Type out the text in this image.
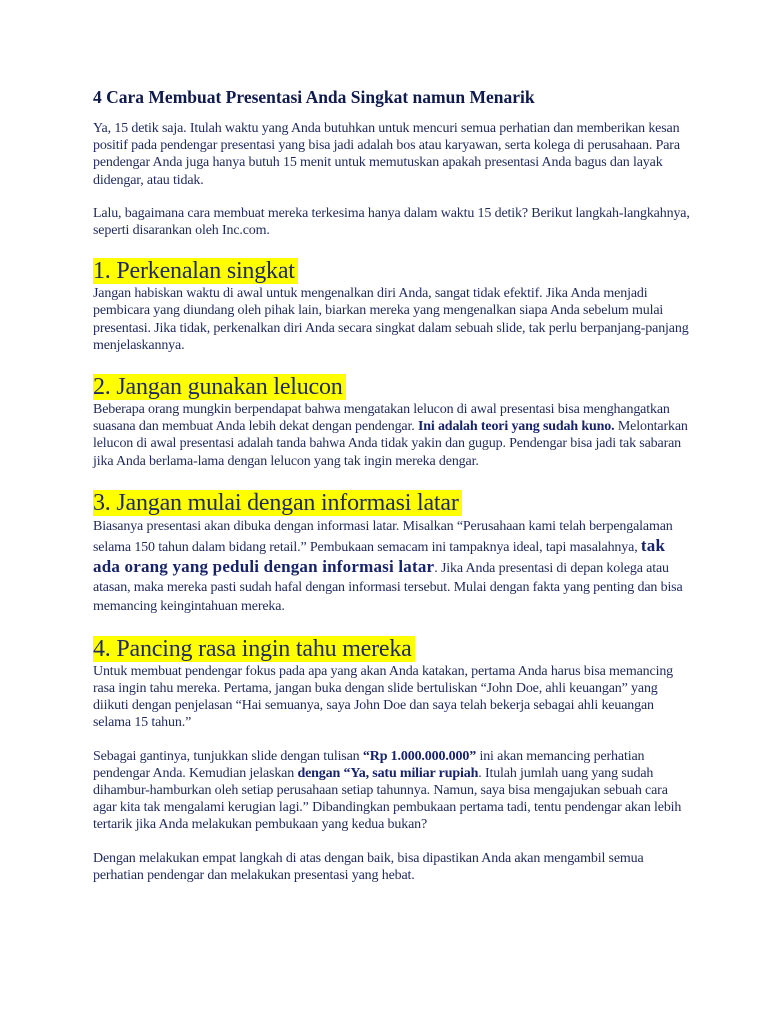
4 Cara Membuat Presentasi Anda Singkat namun Menarik

Ya, 15 detik saja. Itulah waktu yang Anda butuhkan untuk mencuri semua perhatian dan memberikan kesan positif pada pendengar presentasi yang bisa jadi adalah bos atau karyawan, serta kolega di perusahaan. Para pendengar Anda juga hanya butuh 15 menit untuk memutuskan apakah presentasi Anda bagus dan layak didengar, atau tidak.

Lalu, bagaimana cara membuat mereka terkesima hanya dalam waktu 15 detik? Berikut langkah-langkahnya, seperti disarankan oleh Inc.com.

1. Perkenalan singkat

Jangan habiskan waktu di awal untuk mengenalkan diri Anda, sangat tidak efektif. Jika Anda menjadi pembicara yang diundang oleh pihak lain, biarkan mereka yang mengenalkan siapa Anda sebelum mulai presentasi. Jika tidak, perkenalkan diri Anda secara singkat dalam sebuah slide, tak perlu berpanjang-panjang menjelaskannya.

2. Jangan gunakan lelucon

Beberapa orang mungkin berpendapat bahwa mengatakan lelucon di awal presentasi bisa menghangatkan suasana dan membuat Anda lebih dekat dengan pendengar. Ini adalah teori yang sudah kuno. Melontarkan lelucon di awal presentasi adalah tanda bahwa Anda tidak yakin dan gugup. Pendengar bisa jadi tak sabaran jika Anda berlama-lama dengan lelucon yang tak ingin mereka dengar.

3. Jangan mulai dengan informasi latar

Biasanya presentasi akan dibuka dengan informasi latar. Misalkan “Perusahaan kami telah berpengalaman selama 150 tahun dalam bidang retail.” Pembukaan semacam ini tampaknya ideal, tapi masalahnya, tak ada orang yang peduli dengan informasi latar. Jika Anda presentasi di depan kolega atau atasan, maka mereka pasti sudah hafal dengan informasi tersebut. Mulai dengan fakta yang penting dan bisa memancing keingintahuan mereka.

4. Pancing rasa ingin tahu mereka

Untuk membuat pendengar fokus pada apa yang akan Anda katakan, pertama Anda harus bisa memancing rasa ingin tahu mereka. Pertama, jangan buka dengan slide bertuliskan “John Doe, ahli keuangan” yang diikuti dengan penjelasan “Hai semuanya, saya John Doe dan saya telah bekerja sebagai ahli keuangan selama 15 tahun.”

Sebagai gantinya, tunjukkan slide dengan tulisan “Rp 1.000.000.000” ini akan memancing perhatian pendengar Anda. Kemudian jelaskan dengan “Ya, satu miliar rupiah. Itulah jumlah uang yang sudah dihambur-hamburkan oleh setiap perusahaan setiap tahunnya. Namun, saya bisa mengajukan sebuah cara agar kita tak mengalami kerugian lagi.” Dibandingkan pembukaan pertama tadi, tentu pendengar akan lebih tertarik jika Anda melakukan pembukaan yang kedua bukan?

Dengan melakukan empat langkah di atas dengan baik, bisa dipastikan Anda akan mengambil semua perhatian pendengar dan melakukan presentasi yang hebat.
